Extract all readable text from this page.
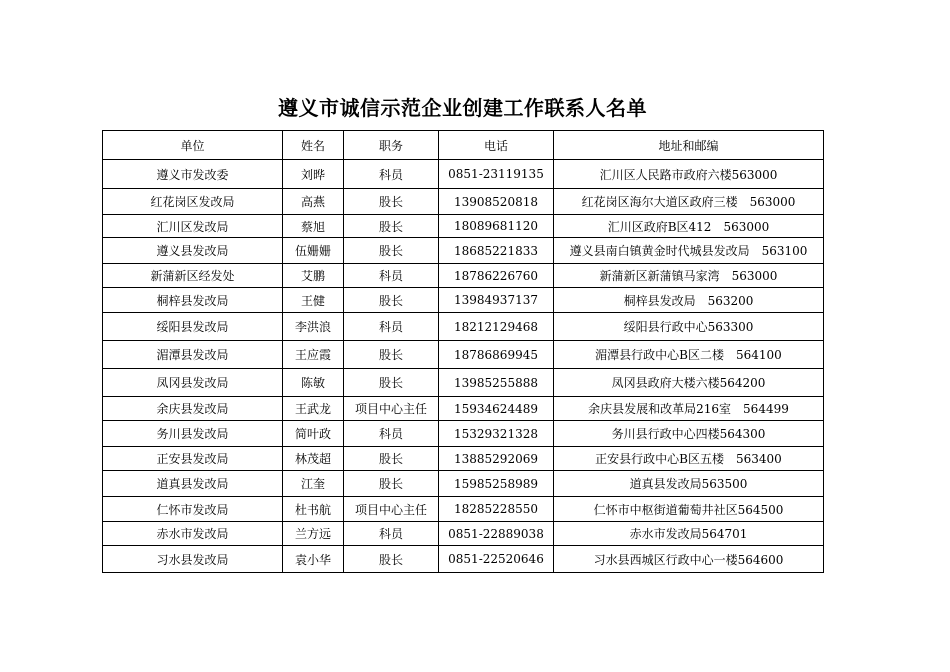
遵义市诚信示范企业创建工作联系人名单
单位	姓名	职务	电话	地址和邮编
遵义市发改委	刘晔	科员	0851-23119135	汇川区人民路市政府六楼563000
红花岗区发改局	高燕	股长	13908520818	红花岗区海尔大道区政府三楼　563000
汇川区发改局	蔡旭	股长	18089681120	汇川区政府B区412　563000
遵义县发改局	伍姗姗	股长	18685221833	遵义县南白镇黄金时代城县发改局　563100
新蒲新区经发处	艾鹏	科员	18786226760	新蒲新区新蒲镇马家湾　563000
桐梓县发改局	王健	股长	13984937137	桐梓县发改局　563200
绥阳县发改局	李洪浪	科员	18212129468	绥阳县行政中心563300
湄潭县发改局	王应霞	股长	18786869945	湄潭县行政中心B区二楼　564100
凤冈县发改局	陈敏	股长	13985255888	凤冈县政府大楼六楼564200
余庆县发改局	王武龙	项目中心主任	15934624489	余庆县发展和改革局216室　564499
务川县发改局	简叶政	科员	15329321328	务川县行政中心四楼564300
正安县发改局	林茂超	股长	13885292069	正安县行政中心B区五楼　563400
道真县发改局	江奎	股长	15985258989	道真县发改局563500
仁怀市发改局	杜书航	项目中心主任	18285228550	仁怀市中枢街道葡萄井社区564500
赤水市发改局	兰方远	科员	0851-22889038	赤水市发改局564701
习水县发改局	袁小华	股长	0851-22520646	习水县西城区行政中心一楼564600
